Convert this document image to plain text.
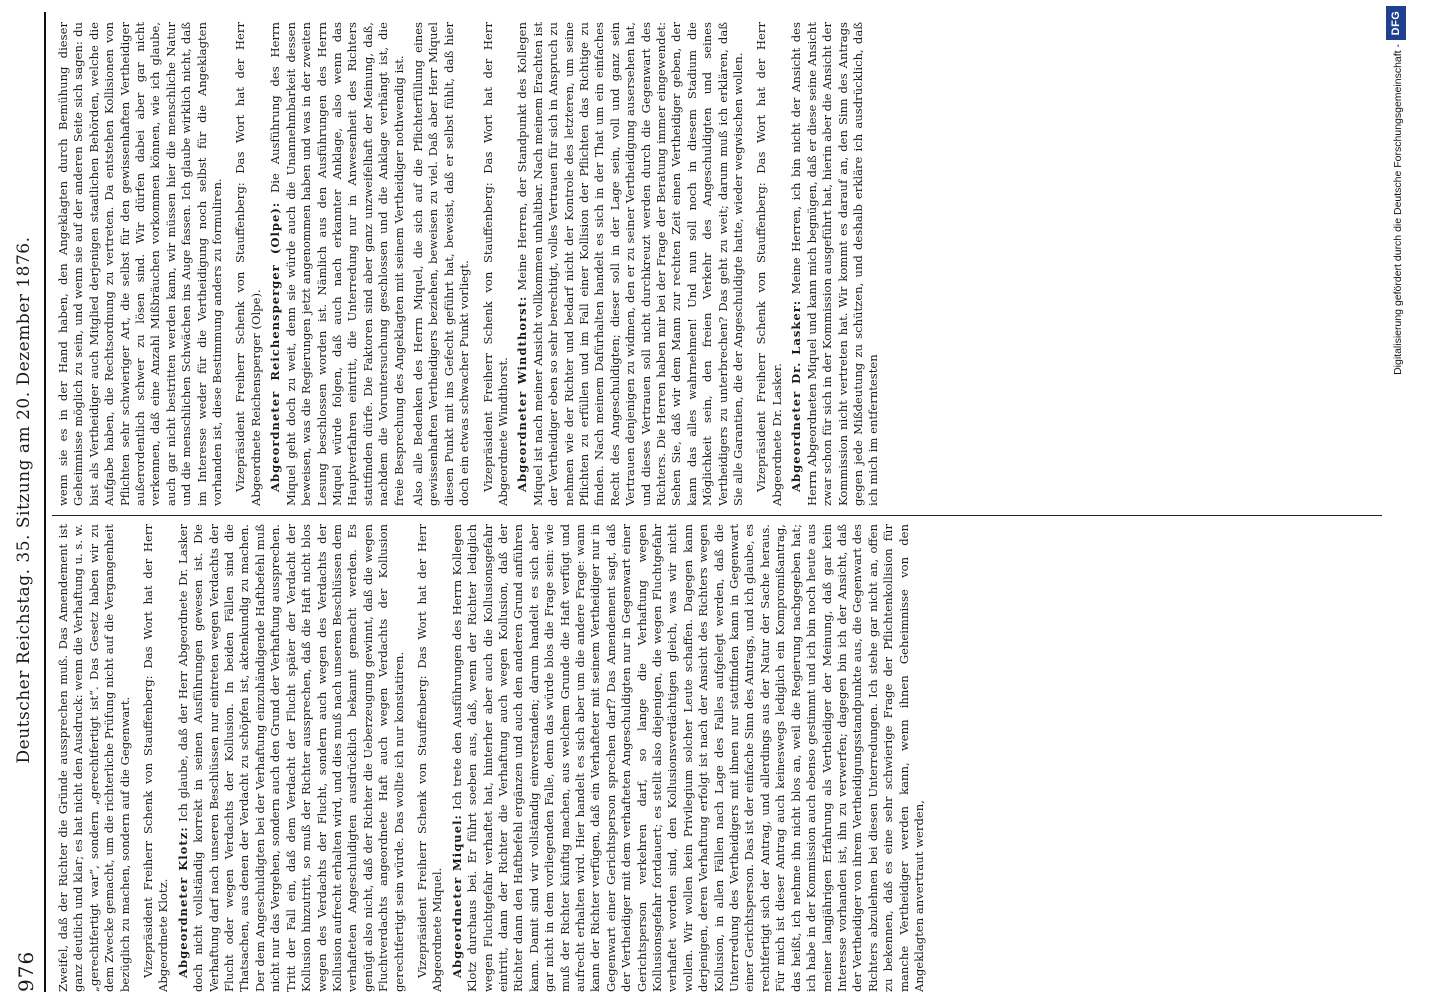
976
Deutscher Reichstag. 35. Sitzung am 20. Dezember 1876. Zweifel, daß der Richter die Gründe aussprechen muß. Das Amendement ist ganz deutlich und klar; es hat nicht den Ausdruck: wenn die Verhaftung u. s. w. „gerechtfertigt war“, sondern „gerechtfertigt ist“. Das Gesetz haben wir zu dem Zwecke gemacht, um die richterliche Prüfung nicht auf die Vergangenheit bezüglich zu machen, sondern auf die Gegenwart. Vizepräsident Freiherr Schenk von Stauffenberg: Das Wort hat der Herr Abgeordnete Klotz. Abgeordneter Klotz: Ich glaube, daß der Herr Abgeordnete Dr. Lasker doch nicht vollständig korrekt in seinen Ausführungen gewesen ist. Die Verhaftung darf nach unseren Beschlüssen nur eintreten wegen Verdachts der Flucht oder wegen Verdachts der Kollusion. In beiden Fällen sind die Thatsachen, aus denen der Verdacht zu schöpfen ist, aktenkundig zu machen. Der dem Angeschuldigten bei der Verhaftung einzuhändigende Haftbefehl muß nicht nur das Vergehen, sondern auch den Grund der Verhaftung aussprechen. Tritt der Fall ein, daß dem Verdacht der Flucht später der Verdacht der Kollusion hinzutritt, so muß der Richter aussprechen, daß die Haft nicht blos wegen des Verdachts der Flucht, sondern auch wegen des Verdachts der Kollusion aufrecht erhalten wird, und dies muß nach unseren Beschlüssen dem verhafteten Angeschuldigten ausdrücklich bekannt gemacht werden. Es genügt also nicht, daß der Richter die Ueberzeugung gewinnt, daß die wegen Fluchtverdachts angeordnete Haft auch wegen Verdachts der Kollusion gerechtfertigt sein würde. Das wollte ich nur konstatiren. Vizepräsident Freiherr Schenk von Stauffenberg: Das Wort hat der Herr Abgeordnete Miquel. Abgeordneter Miquel: Ich trete den Ausführungen des Herrn Kollegen Klotz durchaus bei. Er führt soeben aus, daß, wenn der Richter lediglich wegen Fluchtgefahr verhaftet hat, hinterher aber auch die Kollusionsgefahr eintritt, dann der Richter die Verhaftung auch wegen Kollusion, daß der Richter dann den Haftbefehl ergänzen und auch den anderen Grund anführen kann. Damit sind wir vollständig einverstanden; darum handelt es sich aber gar nicht in dem vorliegenden Falle, denn das würde blos die Frage sein: wie muß der Richter künftig machen, aus welchem Grunde die Haft verfügt und aufrecht erhalten wird. Hier handelt es sich aber um die andere Frage: wann kann der Richter verfügen, daß ein Verhafteter mit seinem Vertheidiger nur in Gegenwart einer Gerichtsperson sprechen darf? Das Amendement sagt, daß der Vertheidiger mit dem verhafteten Angeschuldigten nur in Gegenwart einer Gerichtsperson verkehren darf, so lange die Verhaftung wegen Kollusionsgefahr fortdauert; es stellt also diejenigen, die wegen Fluchtgefahr verhaftet worden sind, den Kollusionsverdächtigen gleich, was wir nicht wollen. Wir wollen kein Privilegium solcher Leute schaffen. Dagegen kann derjenigen, deren Verhaftung erfolgt ist nach der Ansicht des Richters wegen Kollusion, in allen Fällen nach Lage des Falles aufgelegt werden, daß die Unterredung des Vertheidigers mit ihnen nur stattfinden kann in Gegenwart einer Gerichtsperson. Das ist der einfache Sinn des Antrags, und ich glaube, es rechtfertigt sich der Antrag, und allerdings aus der Natur der Sache heraus. Für mich ist dieser Antrag auch keineswegs lediglich ein Kompromißantrag, das heißt, ich nehme ihn nicht blos an, weil die Regierung nachgegeben hat; ich habe in der Kommission auch ebenso gestimmt und ich bin noch heute aus meiner langjährigen Erfahrung als Vertheidiger der Meinung, daß gar kein Interesse vorhanden ist, ihn zu verwerfen; dagegen bin ich der Ansicht, daß der Vertheidiger von ihrem Vertheidigungsstandpunkte aus, die Gegenwart des Richters abzulehnen bei diesen Unterredungen. Ich stehe gar nicht an, offen zu bekennen, daß es eine sehr schwierige Frage der Pflichtenkollision für manche Vertheidiger werden kann, wenn ihnen Geheimnisse von den Angeklagten anvertraut werden,

wenn sie es in der Hand haben, den Angeklagten durch Bemühung dieser Geheimnisse möglich zu sein, und wenn sie auf der anderen Seite sich sagen: du bist als Vertheidiger auch Mitglied derjenigen staatlichen Behörden, welche die Aufgabe haben, die Rechtsordnung zu vertreten. Da entstehen Kollisionen von Pflichten sehr schwieriger Art, die selbst für den gewissenhaften Vertheidiger außerordentlich schwer zu lösen sind. Wir dürfen dabei aber gar nicht verkennen, daß eine Anzahl Mißbräuchen vorkommen können, wie ich glaube, auch gar nicht bestritten werden kann, wir müssen hier die menschliche Natur und die menschlichen Schwächen ins Auge fassen. Ich glaube wirklich nicht, daß im Interesse weder für die Vertheidigung noch selbst für die Angeklagten vorhanden ist, diese Bestimmung anders zu formuliren. Vizepräsident Freiherr Schenk von Stauffenberg: Das Wort hat der Herr Abgeordnete Reichensperger (Olpe). Abgeordneter Reichensperger (Olpe): Die Ausführung des Herrn Miquel geht doch zu weit, denn sie würde auch die Unannehmbarkeit dessen beweisen, was die Regierungen jetzt angenommen haben und was in der zweiten Lesung beschlossen worden ist. Nämlich aus den Ausführungen des Herrn Miquel würde folgen, daß auch nach erkannter Anklage, also wenn das Hauptverfahren eintritt, die Unterredung nur in Anwesenheit des Richters stattfinden dürfe. Die Faktoren sind aber ganz unzweifelhaft der Meinung, daß, nachdem die Voruntersuchung geschlossen und die Anklage verhängt ist, die freie Besprechung des Angeklagten mit seinem Vertheidiger nothwendig ist. Also alle Bedenken des Herrn Miquel, die sich auf die Pflichterfüllung eines gewissenhaften Vertheidigers beziehen, beweisen zu viel. Daß aber Herr Miquel diesen Punkt mit ins Gefecht geführt hat, beweist, daß er selbst fühlt, daß hier doch ein etwas schwacher Punkt vorliegt. Vizepräsident Freiherr Schenk von Stauffenberg: Das Wort hat der Herr Abgeordnete Windthorst. Abgeordneter Windthorst: Meine Herren, der Standpunkt des Kollegen Miquel ist nach meiner Ansicht vollkommen unhaltbar. Nach meinem Erachten ist der Vertheidiger eben so sehr berechtigt, volles Vertrauen für sich in Anspruch zu nehmen wie der Richter und bedarf nicht der Kontrole des letzteren, um seine Pflichten zu erfüllen und im Fall einer Kollision der Pflichten das Richtige zu finden. Nach meinem Dafürhalten handelt es sich in der That um ein einfaches Recht des Angeschuldigten; dieser soll in der Lage sein, voll und ganz sein Vertrauen denjenigen zu widmen, den er zu seiner Vertheidigung ausersehen hat, und dieses Vertrauen soll nicht durchkreuzt werden durch die Gegenwart des Richters. Die Herren haben mir bei der Frage der Beratung immer eingewendet: Sehen Sie, daß wir dem Mann zur rechten Zeit einen Vertheidiger geben, der kann das alles wahrnehmen! Und nun soll noch in diesem Stadium die Möglichkeit sein, den freien Verkehr des Angeschuldigten und seines Vertheidigers zu unterbrechen? Das geht zu weit; darum muß ich erklären, daß Sie alle Garantien, die der Angeschuldigte hatte, wieder wegwischen wollen. Vizepräsident Freiherr Schenk von Stauffenberg: Das Wort hat der Herr Abgeordnete Dr. Lasker. Abgeordneter Dr. Lasker: Meine Herren, ich bin nicht der Ansicht des Herrn Abgeordneten Miquel und kann mich begnügen, daß er diese seine Ansicht zwar schon für sich in der Kommission ausgeführt hat, hierin aber die Ansicht der Kommission nicht vertreten hat. Wir kommt es darauf an, den Sinn des Antrags gegen jede Mißdeutung zu schützen, und deshalb erkläre ich ausdrücklich, daß ich mich im entferntesten

Digitalisierung gefördert durch die Deutsche Forschungsgemeinschaft -
DFG
